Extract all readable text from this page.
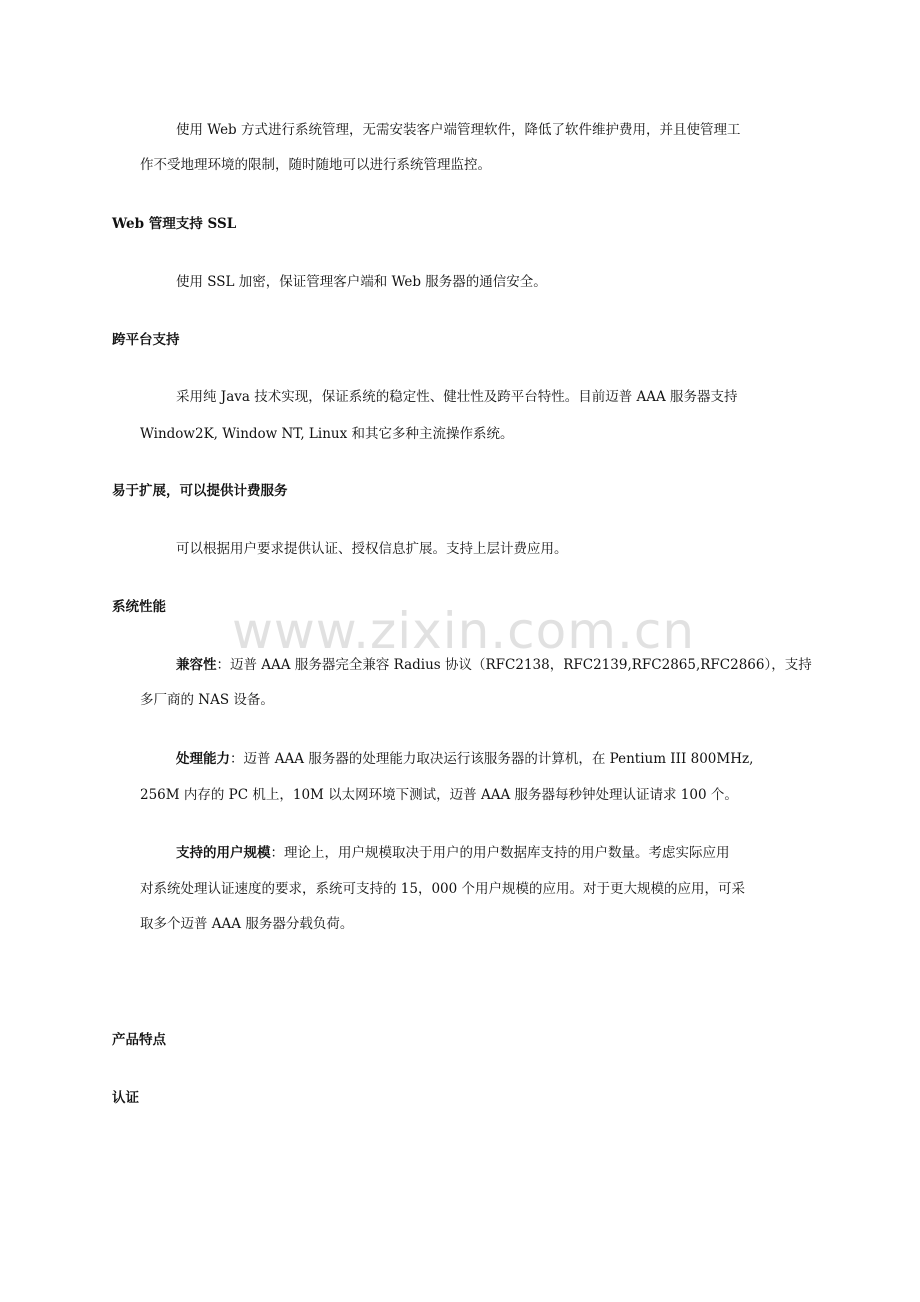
www.zixin.com.cn
使用 Web 方式进行系统管理，无需安装客户端管理软件，降低了软件维护费用，并且使管理工
作不受地理环境的限制，随时随地可以进行系统管理监控。
Web 管理支持 SSL
使用 SSL 加密，保证管理客户端和 Web 服务器的通信安全。
跨平台支持
采用纯 Java 技术实现，保证系统的稳定性、健壮性及跨平台特性。目前迈普 AAA 服务器支持
Window2K, Window NT, Linux 和其它多种主流操作系统。
易于扩展，可以提供计费服务
可以根据用户要求提供认证、授权信息扩展。支持上层计费应用。
系统性能
兼容性：迈普 AAA 服务器完全兼容 Radius 协议（RFC2138，RFC2139,RFC2865,RFC2866），支持
多厂商的 NAS 设备。
处理能力：迈普 AAA 服务器的处理能力取决运行该服务器的计算机，在 Pentium III 800MHz,
256M 内存的 PC 机上，10M 以太网环境下测试，迈普 AAA 服务器每秒钟处理认证请求 100 个。
支持的用户规模：理论上，用户规模取决于用户的用户数据库支持的用户数量。考虑实际应用
对系统处理认证速度的要求，系统可支持的 15，000 个用户规模的应用。对于更大规模的应用，可采
取多个迈普 AAA 服务器分载负荷。
产品特点
认证
